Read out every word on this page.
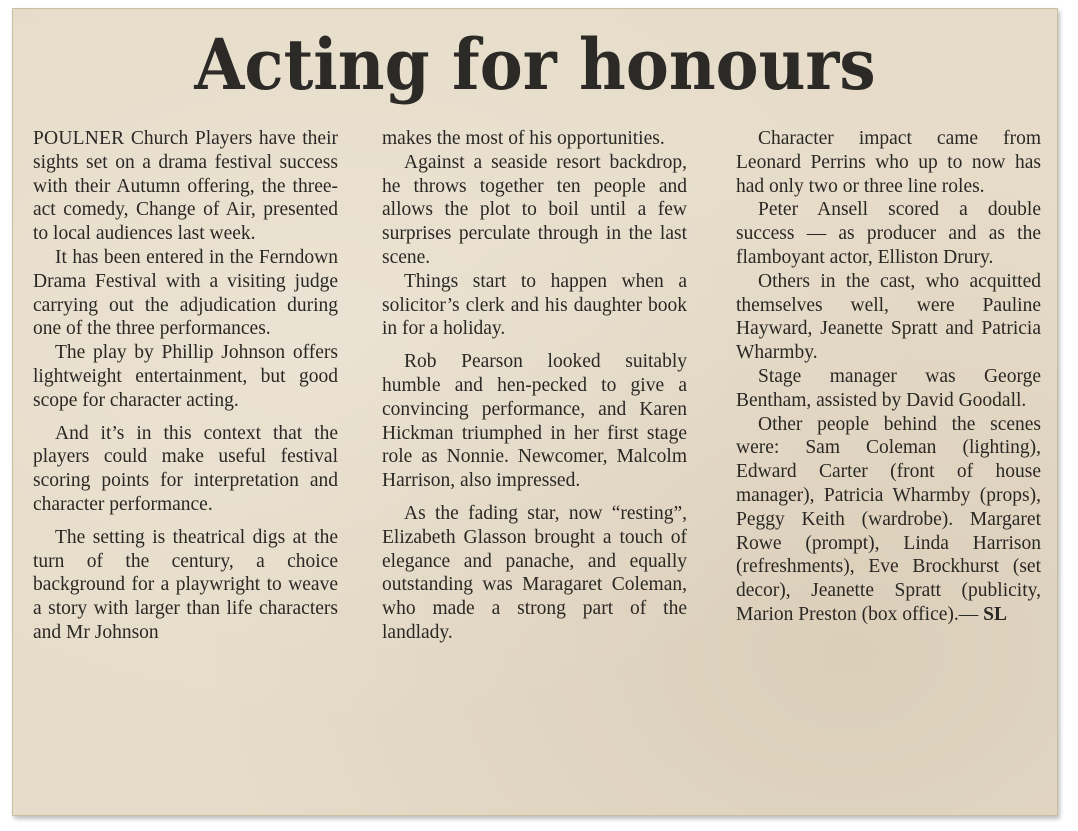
Acting for honours

POULNER Church Players have their sights set on a drama festival success with their Autumn offering, the three-act comedy, Change of Air, presented to local audiences last week.

It has been entered in the Ferndown Drama Festival with a visiting judge carrying out the adjudication during one of the three performances.

The play by Phillip Johnson offers lightweight entertainment, but good scope for character acting.

And it’s in this context that the players could make useful festival scoring points for interpretation and character performance.

The setting is theatrical digs at the turn of the century, a choice background for a playwright to weave a story with larger than life characters and Mr Johnson

makes the most of his opportunities.

Against a seaside resort backdrop, he throws together ten people and allows the plot to boil until a few surprises perculate through in the last scene.

Things start to happen when a solicitor’s clerk and his daughter book in for a holiday.

Rob Pearson looked suitably humble and hen-pecked to give a convincing performance, and Karen Hickman triumphed in her first stage role as Nonnie. Newcomer, Malcolm Harrison, also impressed.

As the fading star, now “resting”, Elizabeth Glasson brought a touch of elegance and panache, and equally outstanding was Maragaret Coleman, who made a strong part of the landlady.

Character impact came from Leonard Perrins who up to now has had only two or three line roles.

Peter Ansell scored a double success — as producer and as the flamboyant actor, Elliston Drury.

Others in the cast, who acquitted themselves well, were Pauline Hayward, Jeanette Spratt and Patricia Wharmby.

Stage manager was George Bentham, assisted by David Goodall.

Other people behind the scenes were: Sam Coleman (lighting), Edward Carter (front of house manager), Patricia Wharmby (props), Peggy Keith (wardrobe). Margaret Rowe (prompt), Linda Harrison (refreshments), Eve Brockhurst (set decor), Jeanette Spratt (publicity, Marion Preston (box office).— SL
